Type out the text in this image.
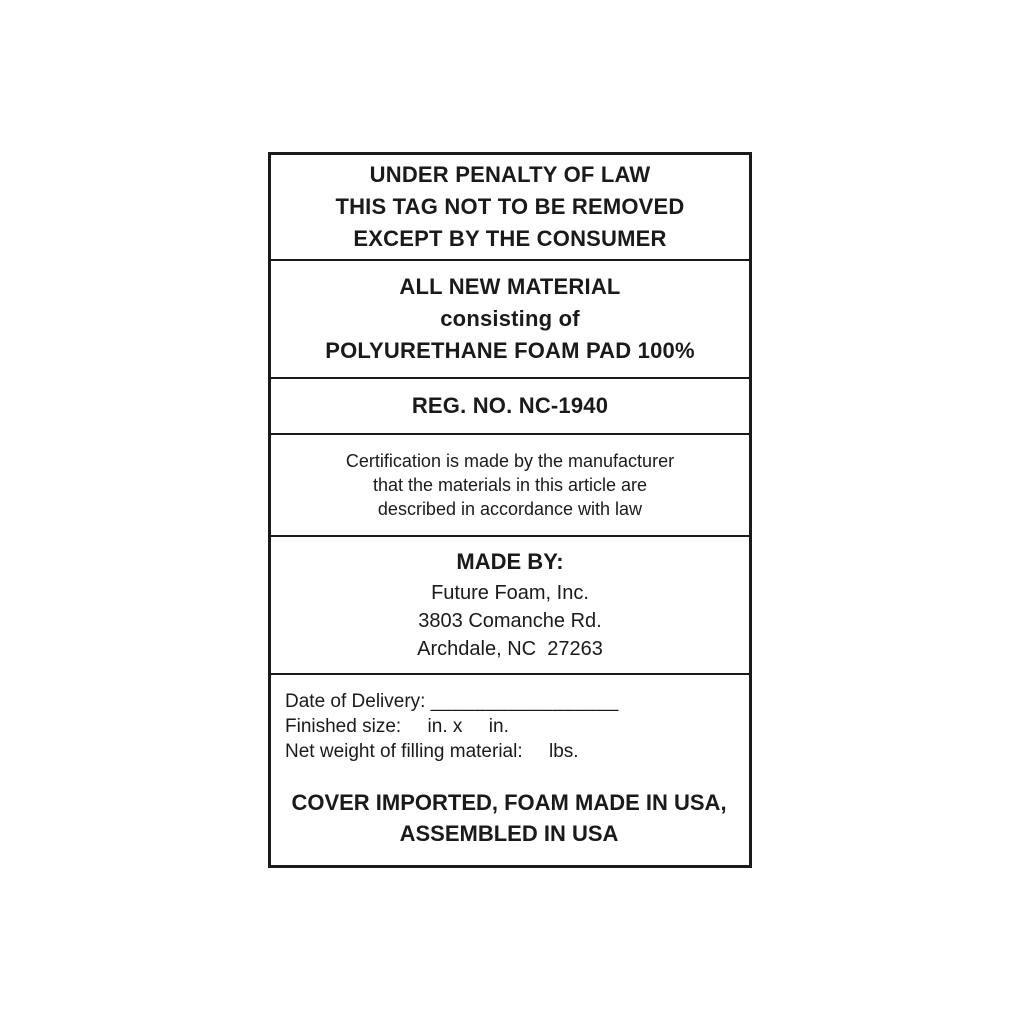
UNDER PENALTY OF LAW
THIS TAG NOT TO BE REMOVED
EXCEPT BY THE CONSUMER
ALL NEW MATERIAL
consisting of
POLYURETHANE FOAM PAD 100%
REG. NO. NC-1940
Certification is made by the manufacturer
that the materials in this article are
described in accordance with law
MADE BY:
Future Foam, Inc.
3803 Comanche Rd.
Archdale, NC  27263
Date of Delivery: _________________
Finished size:     in. x     in.
Net weight of filling material:     lbs.
COVER IMPORTED, FOAM MADE IN USA,
ASSEMBLED IN USA
